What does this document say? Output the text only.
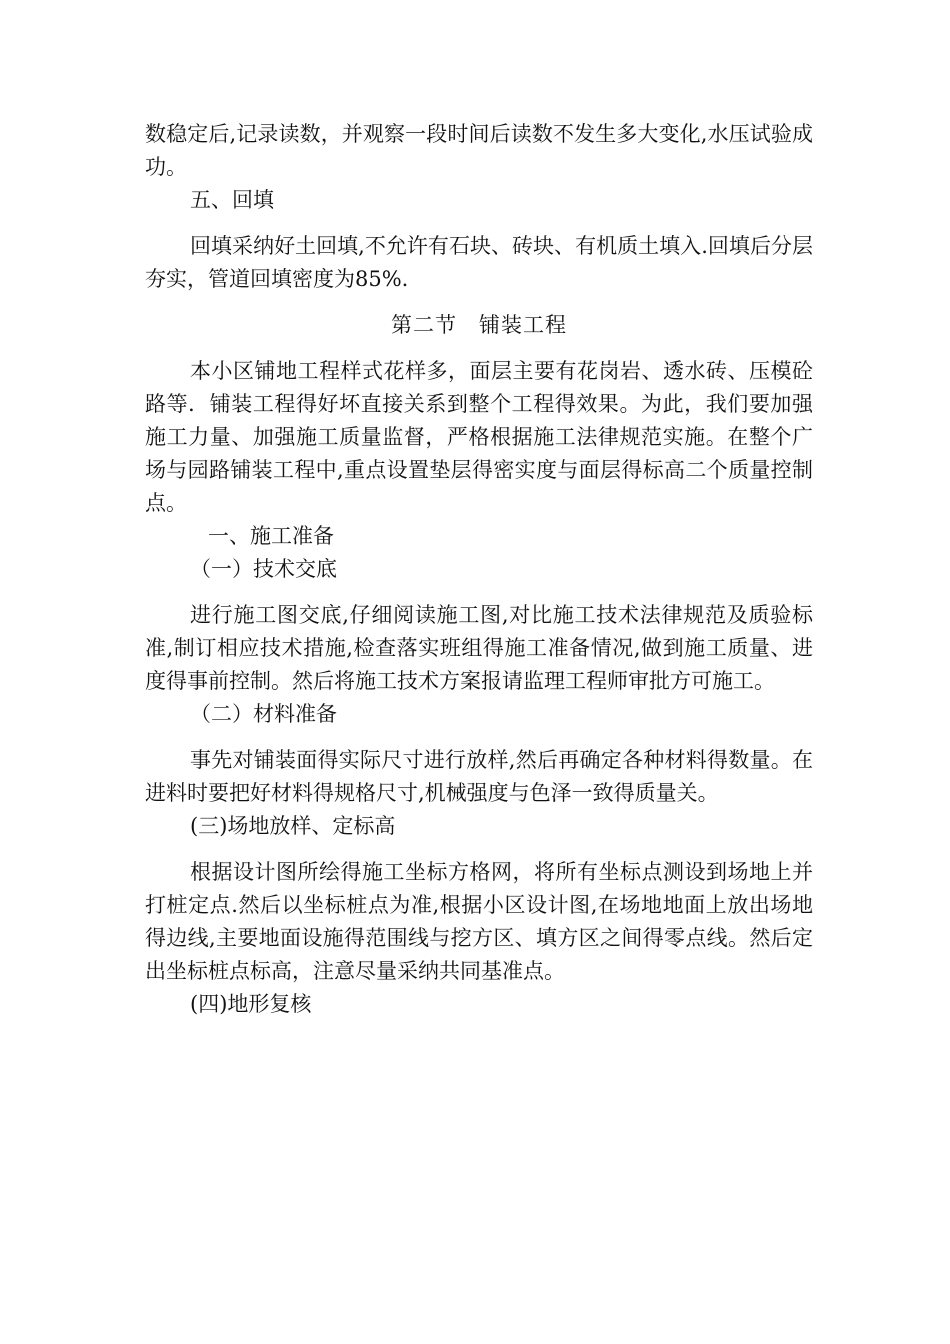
数稳定后,记录读数，并观察一段时间后读数不发生多大变化,水压试验成功。

五、回填

回填采纳好土回填,不允许有石块、砖块、有机质土填入.回填后分层夯实，管道回填密度为85%.

第二节　铺装工程

本小区铺地工程样式花样多，面层主要有花岗岩、透水砖、压模砼路等．铺装工程得好坏直接关系到整个工程得效果。为此，我们要加强施工力量、加强施工质量监督，严格根据施工法律规范实施。在整个广场与园路铺装工程中,重点设置垫层得密实度与面层得标高二个质量控制点。

一、施工准备

（一）技术交底

进行施工图交底,仔细阅读施工图,对比施工技术法律规范及质验标准,制订相应技术措施,检查落实班组得施工准备情况,做到施工质量、进度得事前控制。然后将施工技术方案报请监理工程师审批方可施工。

（二）材料准备

事先对铺装面得实际尺寸进行放样,然后再确定各种材料得数量。在进料时要把好材料得规格尺寸,机械强度与色泽一致得质量关。

(三)场地放样、定标高

根据设计图所绘得施工坐标方格网，将所有坐标点测设到场地上并打桩定点.然后以坐标桩点为准,根据小区设计图,在场地地面上放出场地得边线,主要地面设施得范围线与挖方区、填方区之间得零点线。然后定出坐标桩点标高，注意尽量采纳共同基准点。

(四)地形复核
